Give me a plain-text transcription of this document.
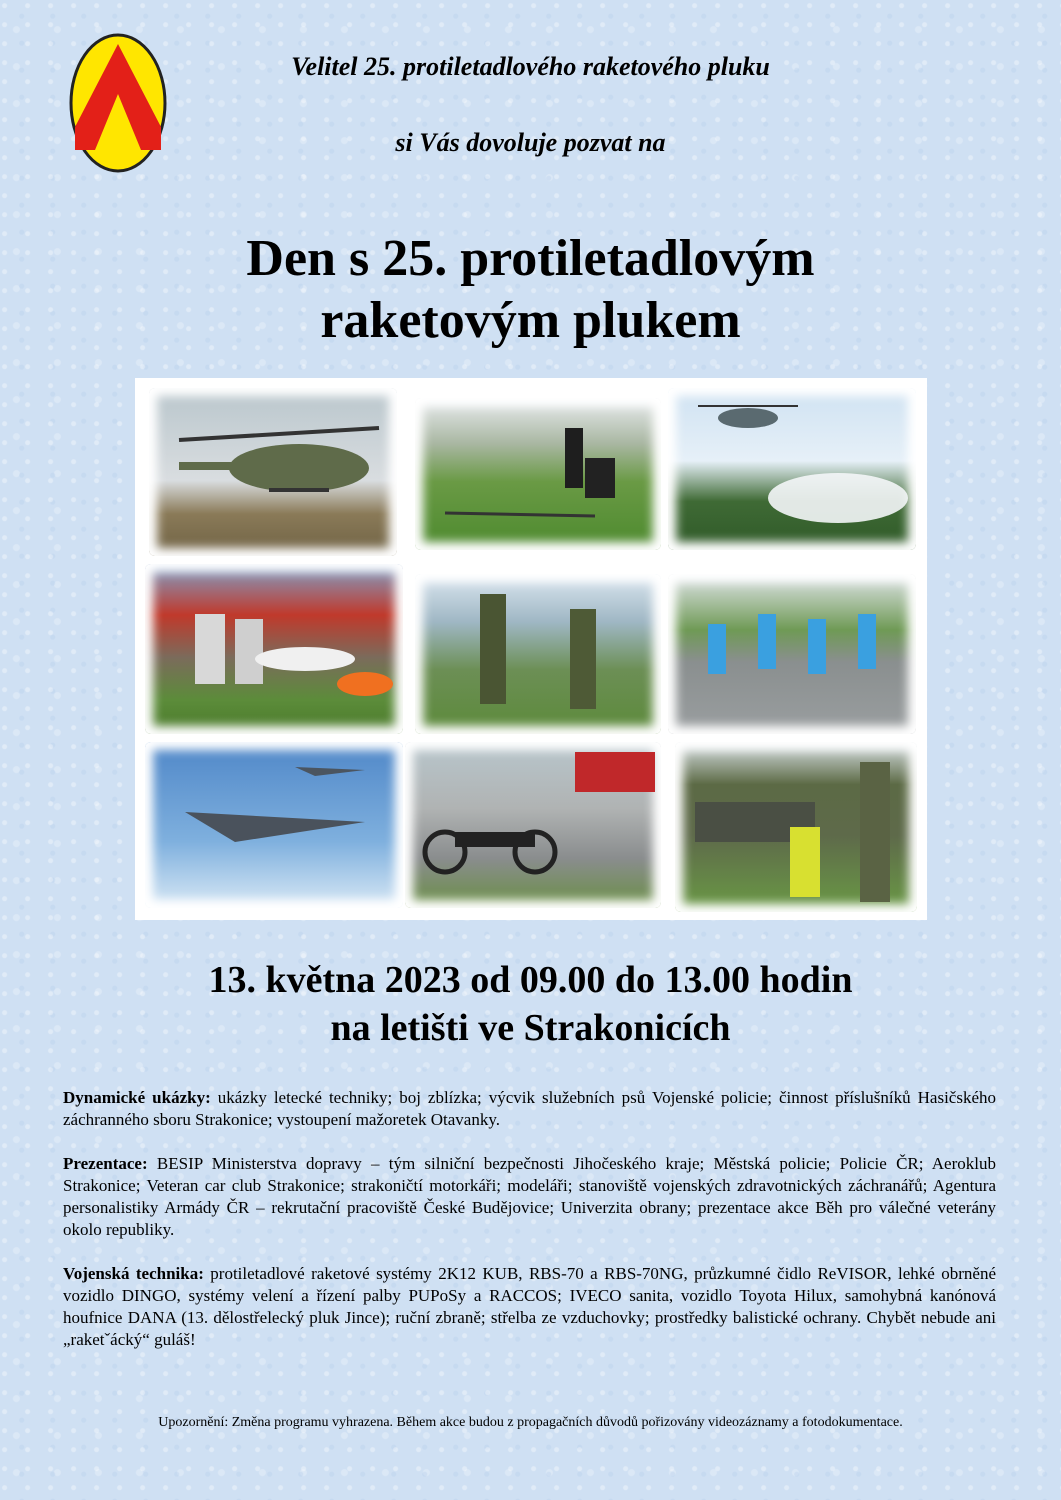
Velitel 25. protiletadlového raketového pluku
si Vás dovoluje pozvat na
Den s 25. protiletadlovým
raketovým plukem
13. května 2023 od 09.00 do 13.00 hodin
na letišti ve Strakonicích
Dynamické ukázky: ukázky letecké techniky; boj zblízka; výcvik služebních psů Vojenské policie; činnost příslušníků Hasičského záchranného sboru Strakonice; vystoupení mažoretek Otavanky.
Prezentace: BESIP Ministerstva dopravy – tým silniční bezpečnosti Jihočeského kraje; Městská policie; Policie ČR; Aeroklub Strakonice; Veteran car club Strakonice; strakoničtí motorkáři; modeláři; stanoviště vojenských zdravotnických záchranářů; Agentura personalistiky Armády ČR – rekrutační pracoviště České Budějovice; Univerzita obrany; prezentace akce Běh pro válečné veterány okolo republiky.
Vojenská technika: protiletadlové raketové systémy 2K12 KUB, RBS-70 a RBS-70NG, průzkumné čidlo ReVISOR, lehké obrněné vozidlo DINGO, systémy velení a řízení palby PUPoSy a RACCOS; IVECO sanita, vozidlo Toyota Hilux, samohybná kanónová houfnice DANA (13. dělostřelecký pluk Jince); ruční zbraně; střelba ze vzduchovky; prostředky balistické ochrany. Chybět nebude ani „raketˇácký“ guláš!
Upozornění: Změna programu vyhrazena. Během akce budou z propagačních důvodů pořizovány videozáznamy a fotodokumentace.
